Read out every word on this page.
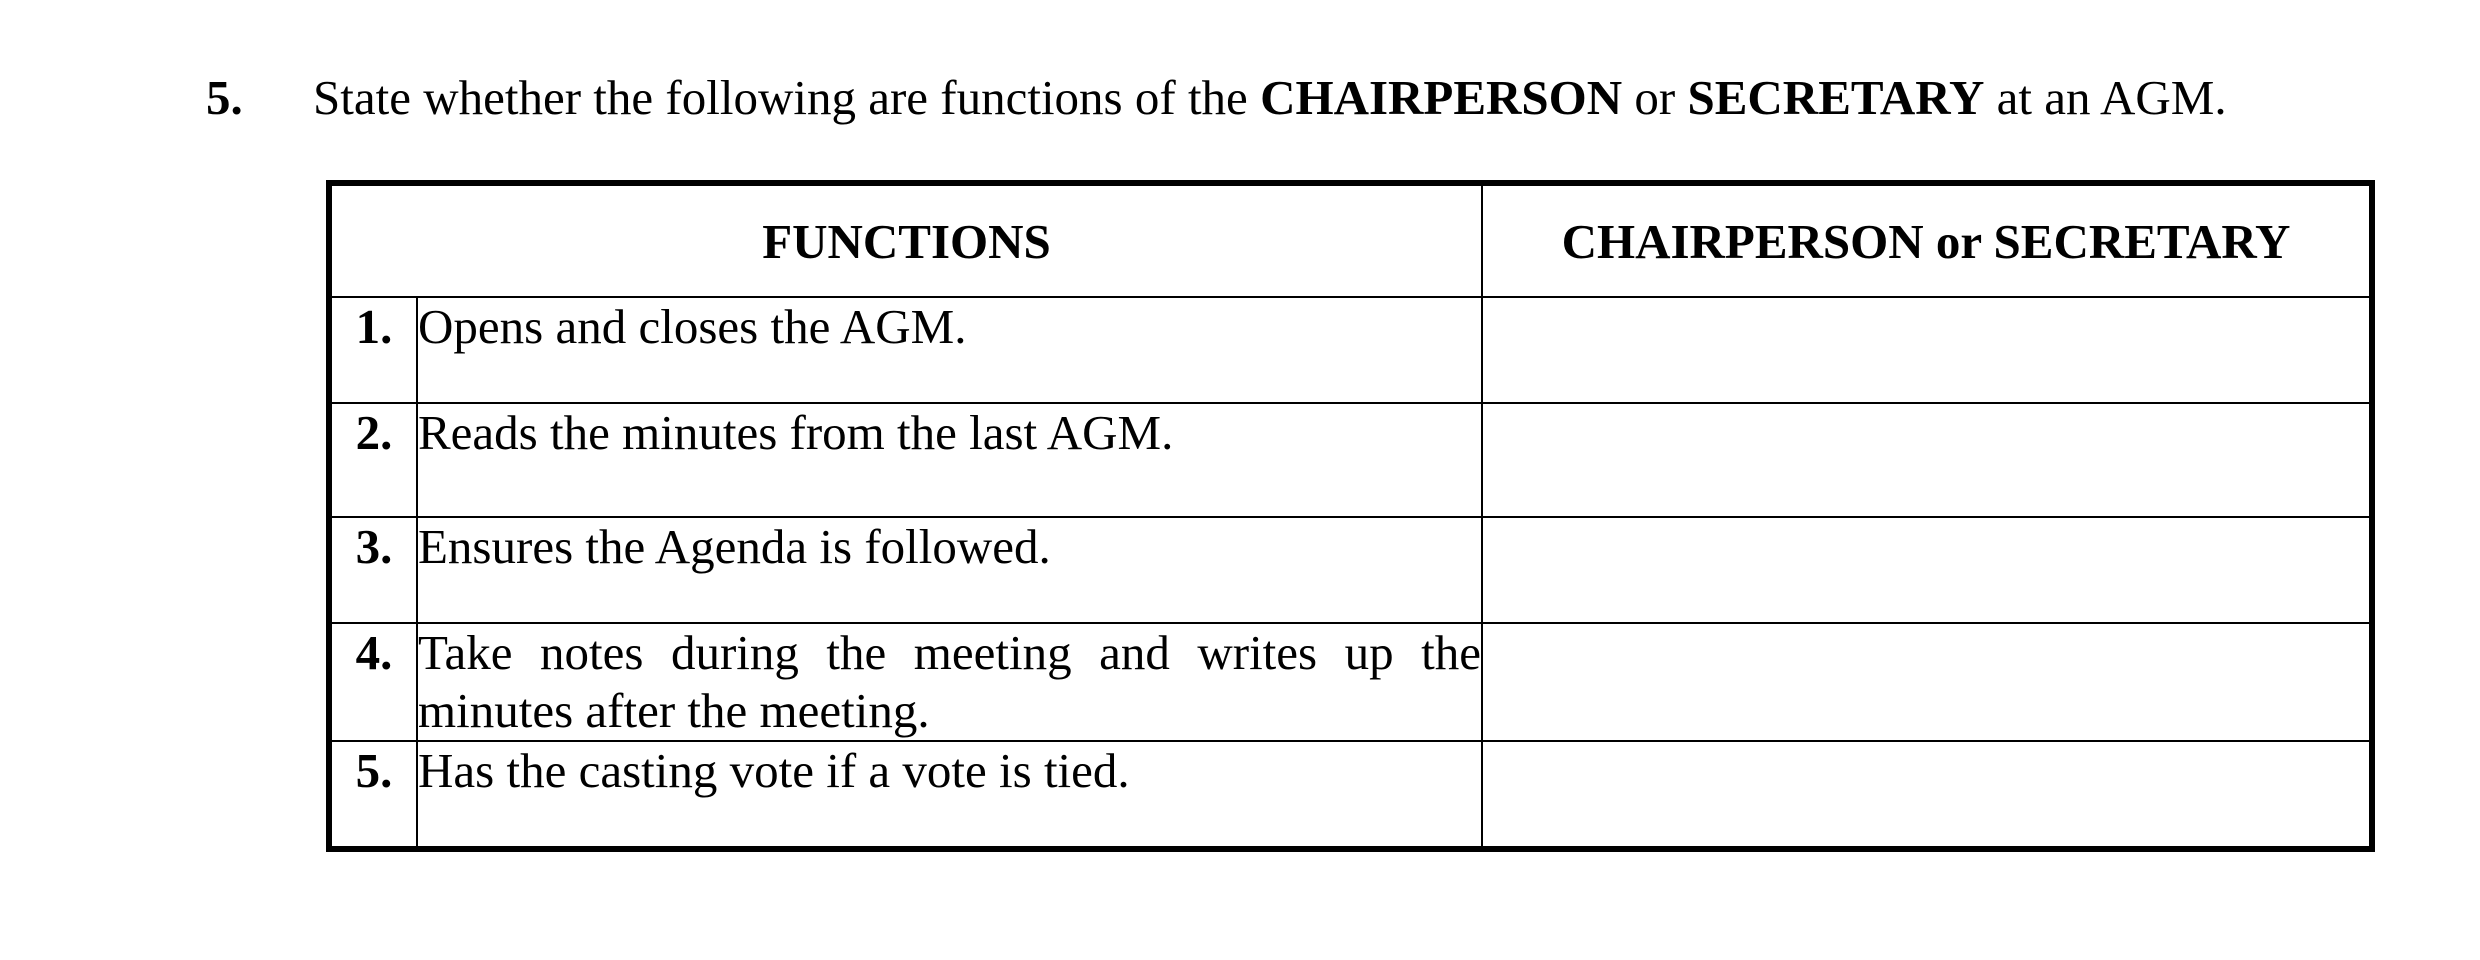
5. State whether the following are functions of the CHAIRPERSON or SECRETARY at an AGM.
FUNCTIONS		CHAIRPERSON or SECRETARY
1.	Opens and closes the AGM.	
2.	Reads the minutes from the last AGM.	
3.	Ensures the Agenda is followed.	
4.	Take notes during the meeting and writes up the minutes after the meeting.	
5.	Has the casting vote if a vote is tied.	
